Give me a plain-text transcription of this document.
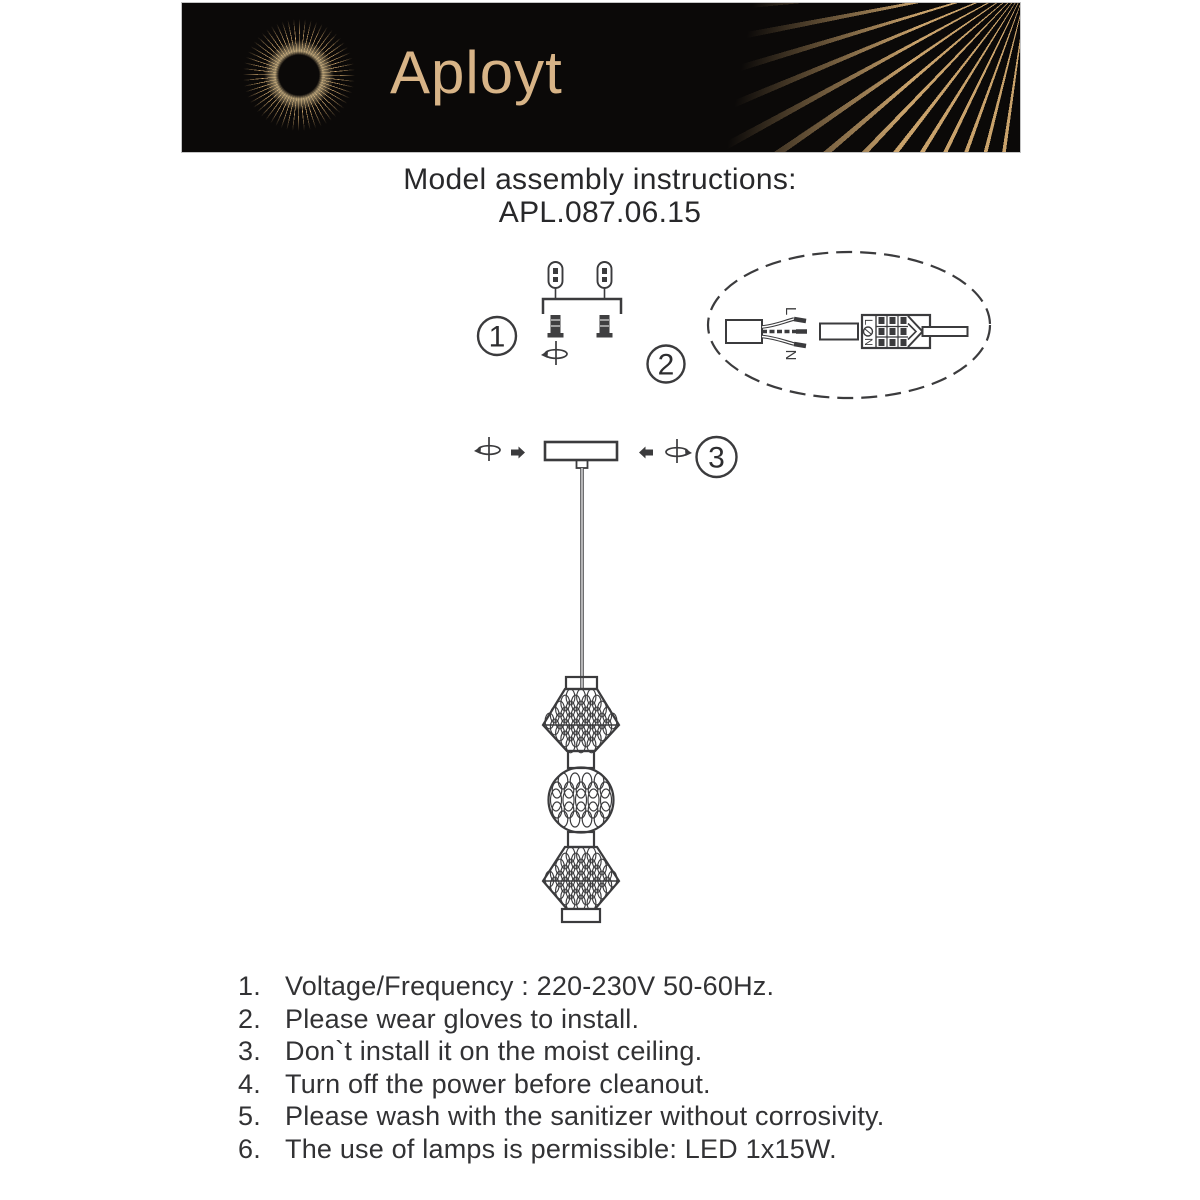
Aployt

Model assembly instructions:

APL.087.06.15

L
N
L
N
1
2
3
1. Voltage/Frequency : 220-230V 50-60Hz.
2. Please wear gloves to install.
3. Don`t install it on the moist ceiling.
4. Turn off the power before cleanout.
5. Please wash with the sanitizer without corrosivity.
6. The use of lamps is permissible: LED 1x15W.
